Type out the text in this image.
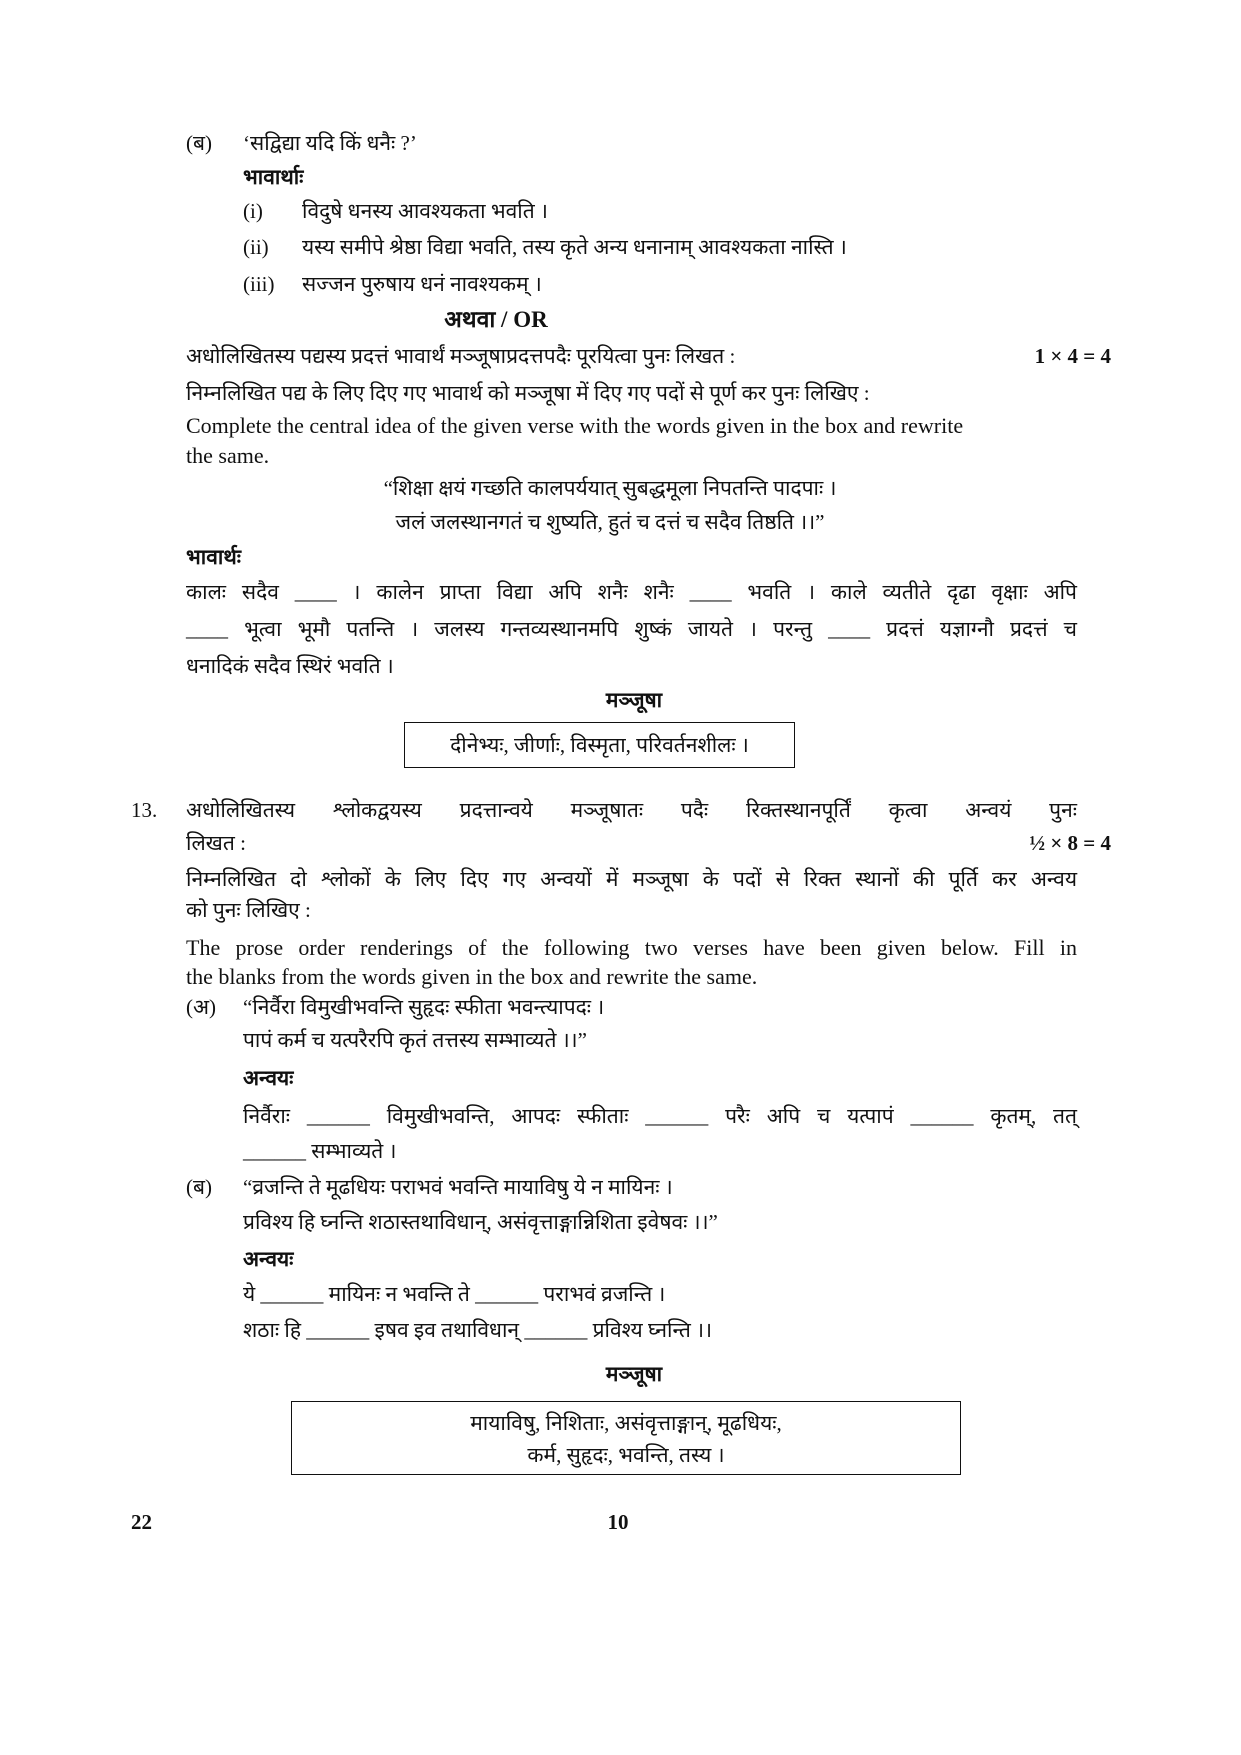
(ब) ‘सद्विद्या यदि किं धनैः ?’
भावार्थाः
(i) विदुषे धनस्य आवश्यकता भवति ।
(ii) यस्य समीपे श्रेष्ठा विद्या भवति, तस्य कृते अन्य धनानाम् आवश्यकता नास्ति ।
(iii) सज्जन पुरुषाय धनं नावश्यकम् ।
अथवा / OR
अधोलिखितस्य पद्यस्य प्रदत्तं भावार्थं मञ्जूषाप्रदत्तपदैः पूरयित्वा पुनः लिखत :	1 × 4 = 4
निम्नलिखित पद्य के लिए दिए गए भावार्थ को मञ्जूषा में दिए गए पदों से पूर्ण कर पुनः लिखिए :
Complete the central idea of the given verse with the words given in the box and rewrite
the same.
“शिक्षा क्षयं गच्छति कालपर्ययात् सुबद्धमूला निपतन्ति पादपाः ।
जलं जलस्थानगतं च शुष्यति, हुतं च दत्तं च सदैव तिष्ठति ।।”
भावार्थः
कालः सदैव ____ । कालेन प्राप्ता विद्या अपि शनैः शनैः ____ भवति । काले व्यतीते दृढा वृक्षाः अपि
____ भूत्वा भूमौ पतन्ति । जलस्य गन्तव्यस्थानमपि शुष्कं जायते । परन्तु ____ प्रदत्तं यज्ञाग्नौ प्रदत्तं च
धनादिकं सदैव स्थिरं भवति ।
मञ्जूषा
दीनेभ्यः, जीर्णाः, विस्मृता, परिवर्तनशीलः ।
13. अधोलिखितस्य श्लोकद्वयस्य प्रदत्तान्वये मञ्जूषातः पदैः रिक्तस्थानपूर्तिं कृत्वा अन्वयं पुनः
लिखत :	½ × 8 = 4
निम्नलिखित दो श्लोकों के लिए दिए गए अन्वयों में मञ्जूषा के पदों से रिक्त स्थानों की पूर्ति कर अन्वय
को पुनः लिखिए :
The prose order renderings of the following two verses have been given below. Fill in
the blanks from the words given in the box and rewrite the same.
(अ) “निर्वैरा विमुखीभवन्ति सुहृदः स्फीता भवन्त्यापदः ।
पापं कर्म च यत्परैरपि कृतं तत्तस्य सम्भाव्यते ।।”
अन्वयः
निर्वैराः ______ विमुखीभवन्ति, आपदः स्फीताः ______ परैः अपि च यत्पापं ______ कृतम्, तत्
______ सम्भाव्यते ।
(ब) “व्रजन्ति ते मूढधियः पराभवं भवन्ति मायाविषु ये न मायिनः ।
प्रविश्य हि घ्नन्ति शठास्तथाविधान्, असंवृत्ताङ्गान्निशिता इवेषवः ।।”
अन्वयः
ये ______ मायिनः न भवन्ति ते ______ पराभवं व्रजन्ति ।
शठाः हि ______ इषव इव तथाविधान् ______ प्रविश्य घ्नन्ति ।।
मञ्जूषा
मायाविषु, निशिताः, असंवृत्ताङ्गान्, मूढधियः,
कर्म, सुहृदः, भवन्ति, तस्य ।
22	10
